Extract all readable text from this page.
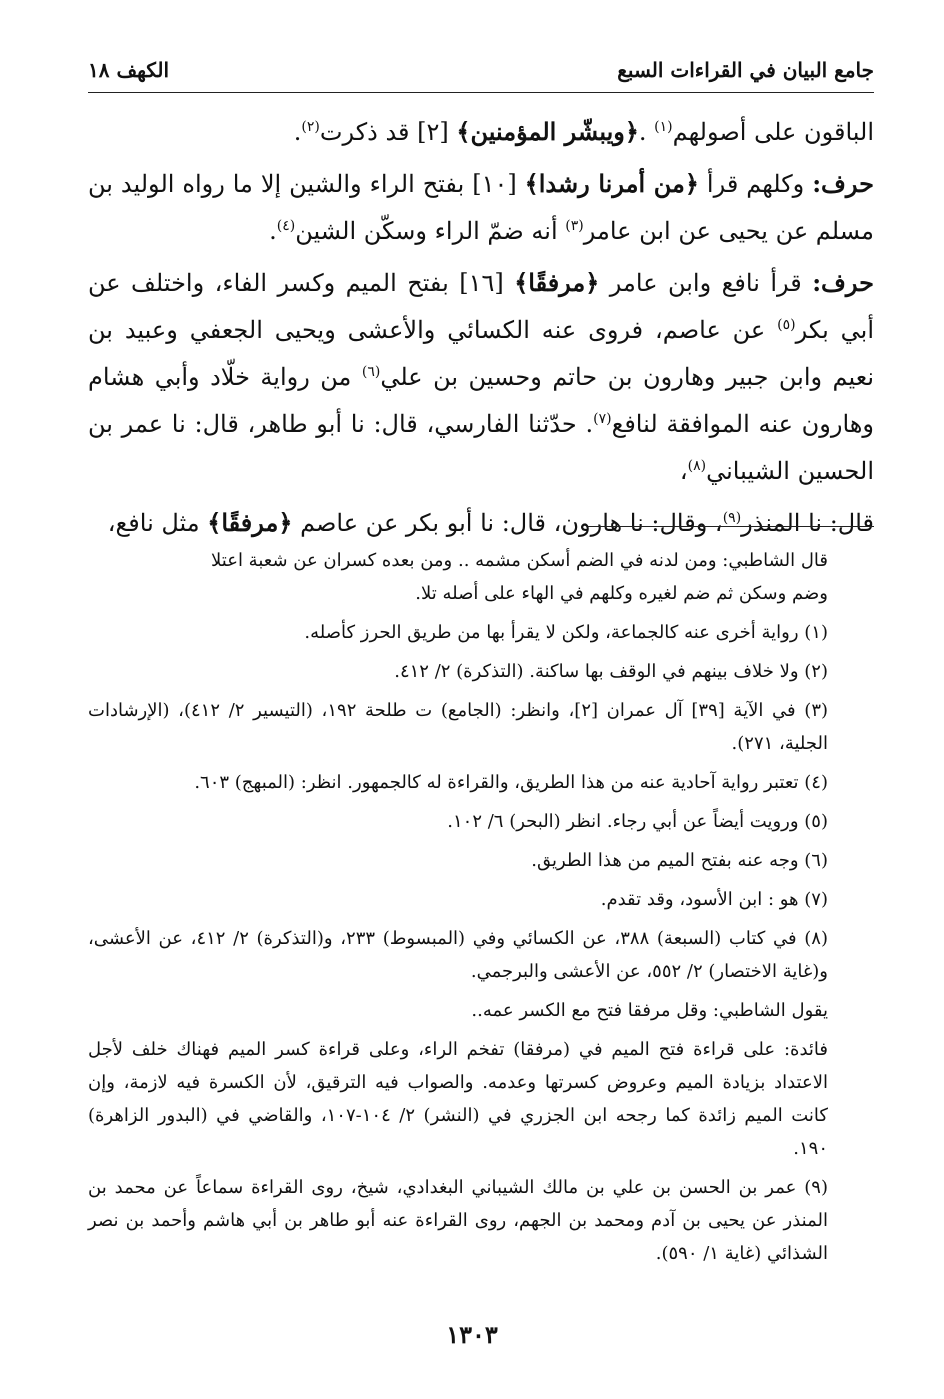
جامع البيان في القراءات السبع
الكهف ١٨

الباقون على أصولهم$^{(١)}$ .﴿ويبشّر المؤمنين﴾ [٢] قد ذكرت$^{(٢)}$.

حرف: وكلهم قرأ ﴿من أمرنا رشدا﴾ [١٠] بفتح الراء والشين إلا ما رواه الوليد بن مسلم عن يحيى عن ابن عامر$^{(٣)}$ أنه ضمّ الراء وسكّن الشين$^{(٤)}$.

حرف: قرأ نافع وابن عامر ﴿مرفقًا﴾ [١٦] بفتح الميم وكسر الفاء، واختلف عن أبي بكر$^{(٥)}$ عن عاصم، فروى عنه الكسائي والأعشى ويحيى الجعفي وعبيد بن نعيم وابن جبير وهارون بن حاتم وحسين بن علي$^{(٦)}$ من رواية خلّاد وأبي هشام وهارون عنه الموافقة لنافع$^{(٧)}$. حدّثنا الفارسي، قال: نا أبو طاهر، قال: نا عمر بن الحسين الشيباني$^{(٨)}$،

قال: نا المنذر$^{(٩)}$، وقال: نا هارون، قال: نا أبو بكر عن عاصم ﴿مرفقًا﴾ مثل نافع،

قال الشاطبي: ومن لدنه في الضم أسكن مشمه .. ومن بعده كسران عن شعبة اعتلا

وضم وسكن ثم ضم لغيره وكلهم في الهاء على أصله تلا.

(١) رواية أخرى عنه كالجماعة، ولكن لا يقرأ بها من طريق الحرز كأصله.

(٢) ولا خلاف بينهم في الوقف بها ساكنة. (التذكرة) ٢/ ٤١٢.

(٣) في الآية [٣٩] آل عمران [٢]، وانظر: (الجامع) ت طلحة ١٩٢، (التيسير ٢/ ٤١٢)، (الإرشادات الجلية، ٢٧١).

(٤) تعتبر رواية آحادية عنه من هذا الطريق، والقراءة له كالجمهور. انظر: (المبهج) ٦٠٣.

(٥) ورويت أيضاً عن أبي رجاء. انظر (البحر) ٦/ ١٠٢.

(٦) وجه عنه بفتح الميم من هذا الطريق.

(٧) هو : ابن الأسود، وقد تقدم.

(٨) في كتاب (السبعة) ٣٨٨، عن الكسائي وفي (المبسوط) ٢٣٣، و(التذكرة) ٢/ ٤١٢، عن الأعشى، و(غاية الاختصار) ٢/ ٥٥٢، عن الأعشى والبرجمي.

يقول الشاطبي: وقل مرفقا فتح مع الكسر عمه..

فائدة: على قراءة فتح الميم في (مرفقا) تفخم الراء، وعلى قراءة كسر الميم فهناك خلف لأجل الاعتداد بزيادة الميم وعروض كسرتها وعدمه. والصواب فيه الترقيق، لأن الكسرة فيه لازمة، وإن كانت الميم زائدة كما رجحه ابن الجزري في (النشر) ٢/ ١٠٤-١٠٧، والقاضي في (البدور الزاهرة) ١٩٠.

(٩) عمر بن الحسن بن علي بن مالك الشيباني البغدادي، شيخ، روى القراءة سماعاً عن محمد بن المنذر عن يحيى بن آدم ومحمد بن الجهم، روى القراءة عنه أبو طاهر بن أبي هاشم وأحمد بن نصر الشذائي (غاية ١/ ٥٩٠).

١٣٠٣
